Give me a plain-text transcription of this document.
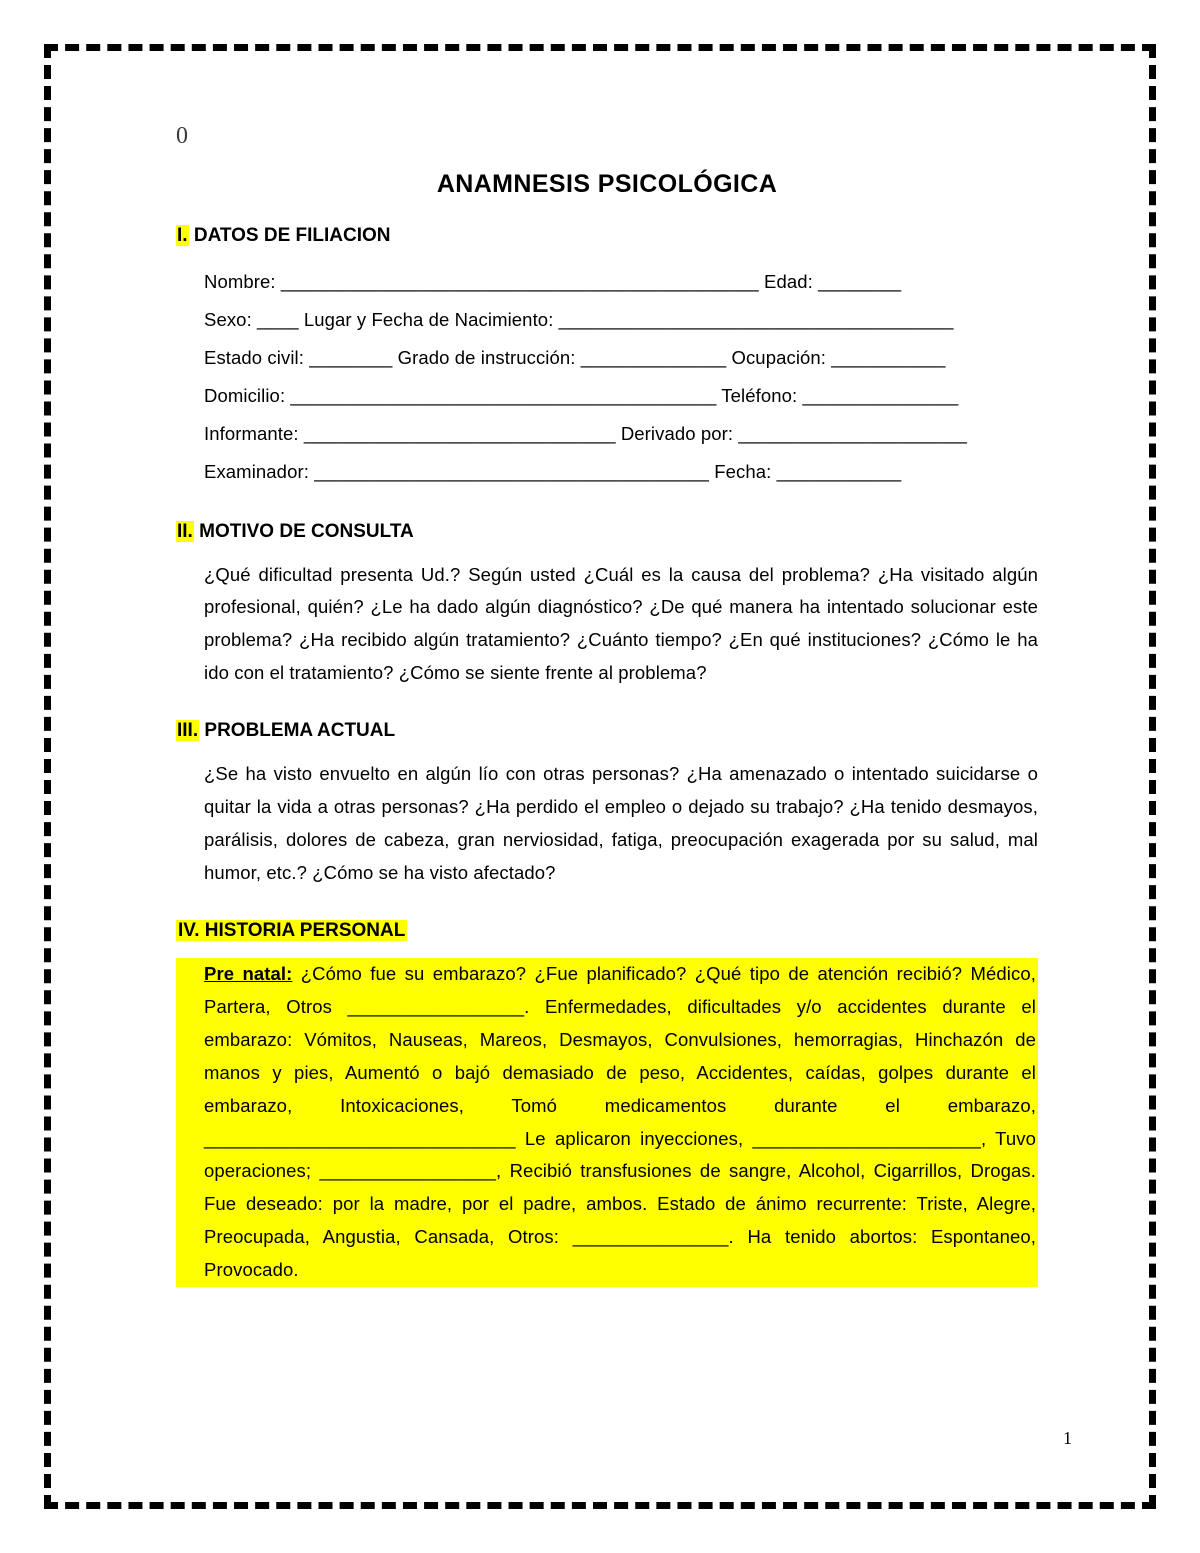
0
ANAMNESIS PSICOLÓGICA
I. DATOS DE FILIACION
Nombre: ______________________________________________ Edad: ________
Sexo: ____ Lugar y Fecha de Nacimiento: ______________________________________
Estado civil: ________ Grado de instrucción: ______________ Ocupación: ___________
Domicilio: _________________________________________ Teléfono: _______________
Informante: ______________________________ Derivado por: ______________________
Examinador: ______________________________________ Fecha: ____________
II. MOTIVO DE CONSULTA
¿Qué dificultad presenta Ud.? Según usted ¿Cuál es la causa del problema? ¿Ha visitado algún profesional, quién? ¿Le ha dado algún diagnóstico? ¿De qué manera ha intentado solucionar este problema? ¿Ha recibido algún tratamiento? ¿Cuánto tiempo? ¿En qué instituciones? ¿Cómo le ha ido con el tratamiento? ¿Cómo se siente frente al problema?
III. PROBLEMA ACTUAL
¿Se ha visto envuelto en algún lío con otras personas? ¿Ha amenazado o intentado suicidarse o quitar la vida a otras personas? ¿Ha perdido el empleo o dejado su trabajo? ¿Ha tenido desmayos, parálisis, dolores de cabeza, gran nerviosidad, fatiga, preocupación exagerada por su salud, mal humor, etc.? ¿Cómo se ha visto afectado?
IV. HISTORIA PERSONAL
Pre natal: ¿Cómo fue su embarazo? ¿Fue planificado? ¿Qué tipo de atención recibió? Médico, Partera, Otros _________________. Enfermedades, dificultades y/o accidentes durante el embarazo: Vómitos, Nauseas, Mareos, Desmayos, Convulsiones, hemorragias, Hinchazón de manos y pies, Aumentó o bajó demasiado de peso, Accidentes, caídas, golpes durante el embarazo, Intoxicaciones, Tomó medicamentos durante el embarazo, ______________________________ Le aplicaron inyecciones, ______________________, Tuvo operaciones; _________________, Recibió transfusiones de sangre, Alcohol, Cigarrillos, Drogas. Fue deseado: por la madre, por el padre, ambos. Estado de ánimo recurrente: Triste, Alegre, Preocupada, Angustia, Cansada, Otros: _______________. Ha tenido abortos: Espontaneo, Provocado.
1
